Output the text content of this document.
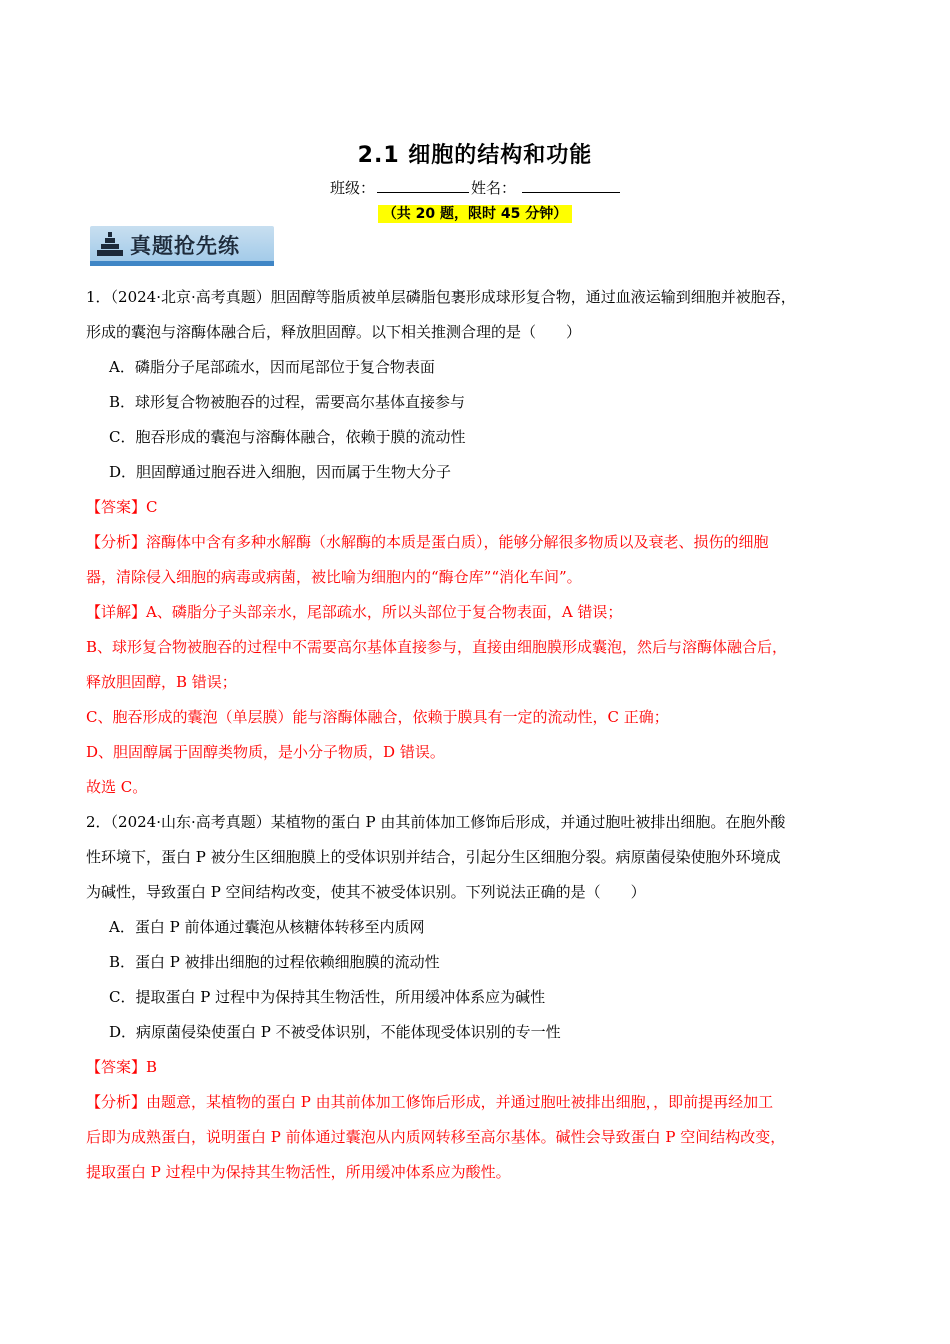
2.1 细胞的结构和功能
班级：	姓名：
（共 20 题，限时 45 分钟）
真题抢先练

1．（2024·北京·高考真题）胆固醇等脂质被单层磷脂包裹形成球形复合物，通过血液运输到细胞并被胞吞，

形成的囊泡与溶酶体融合后，释放胆固醇。以下相关推测合理的是（　　）

A．磷脂分子尾部疏水，因而尾部位于复合物表面

B．球形复合物被胞吞的过程，需要高尔基体直接参与

C．胞吞形成的囊泡与溶酶体融合，依赖于膜的流动性

D．胆固醇通过胞吞进入细胞，因而属于生物大分子

【答案】C

【分析】溶酶体中含有多种水解酶（水解酶的本质是蛋白质），能够分解很多物质以及衰老、损伤的细胞

器，清除侵入细胞的病毒或病菌，被比喻为细胞内的“酶仓库”“消化车间”。

【详解】A、磷脂分子头部亲水，尾部疏水，所以头部位于复合物表面，A 错误；

B、球形复合物被胞吞的过程中不需要高尔基体直接参与，直接由细胞膜形成囊泡，然后与溶酶体融合后，

释放胆固醇，B 错误；

C、胞吞形成的囊泡（单层膜）能与溶酶体融合，依赖于膜具有一定的流动性，C 正确；

D、胆固醇属于固醇类物质，是小分子物质，D 错误。

故选 C。

2．（2024·山东·高考真题）某植物的蛋白 P 由其前体加工修饰后形成，并通过胞吐被排出细胞。在胞外酸

性环境下，蛋白 P 被分生区细胞膜上的受体识别并结合，引起分生区细胞分裂。病原菌侵染使胞外环境成

为碱性，导致蛋白 P 空间结构改变，使其不被受体识别。下列说法正确的是（　　）

A．蛋白 P 前体通过囊泡从核糖体转移至内质网

B．蛋白 P 被排出细胞的过程依赖细胞膜的流动性

C．提取蛋白 P 过程中为保持其生物活性，所用缓冲体系应为碱性

D．病原菌侵染使蛋白 P 不被受体识别，不能体现受体识别的专一性

【答案】B

【分析】由题意，某植物的蛋白 P 由其前体加工修饰后形成，并通过胞吐被排出细胞，，即前提再经加工

后即为成熟蛋白，说明蛋白 P 前体通过囊泡从内质网转移至高尔基体。碱性会导致蛋白 P 空间结构改变，

提取蛋白 P 过程中为保持其生物活性，所用缓冲体系应为酸性。
